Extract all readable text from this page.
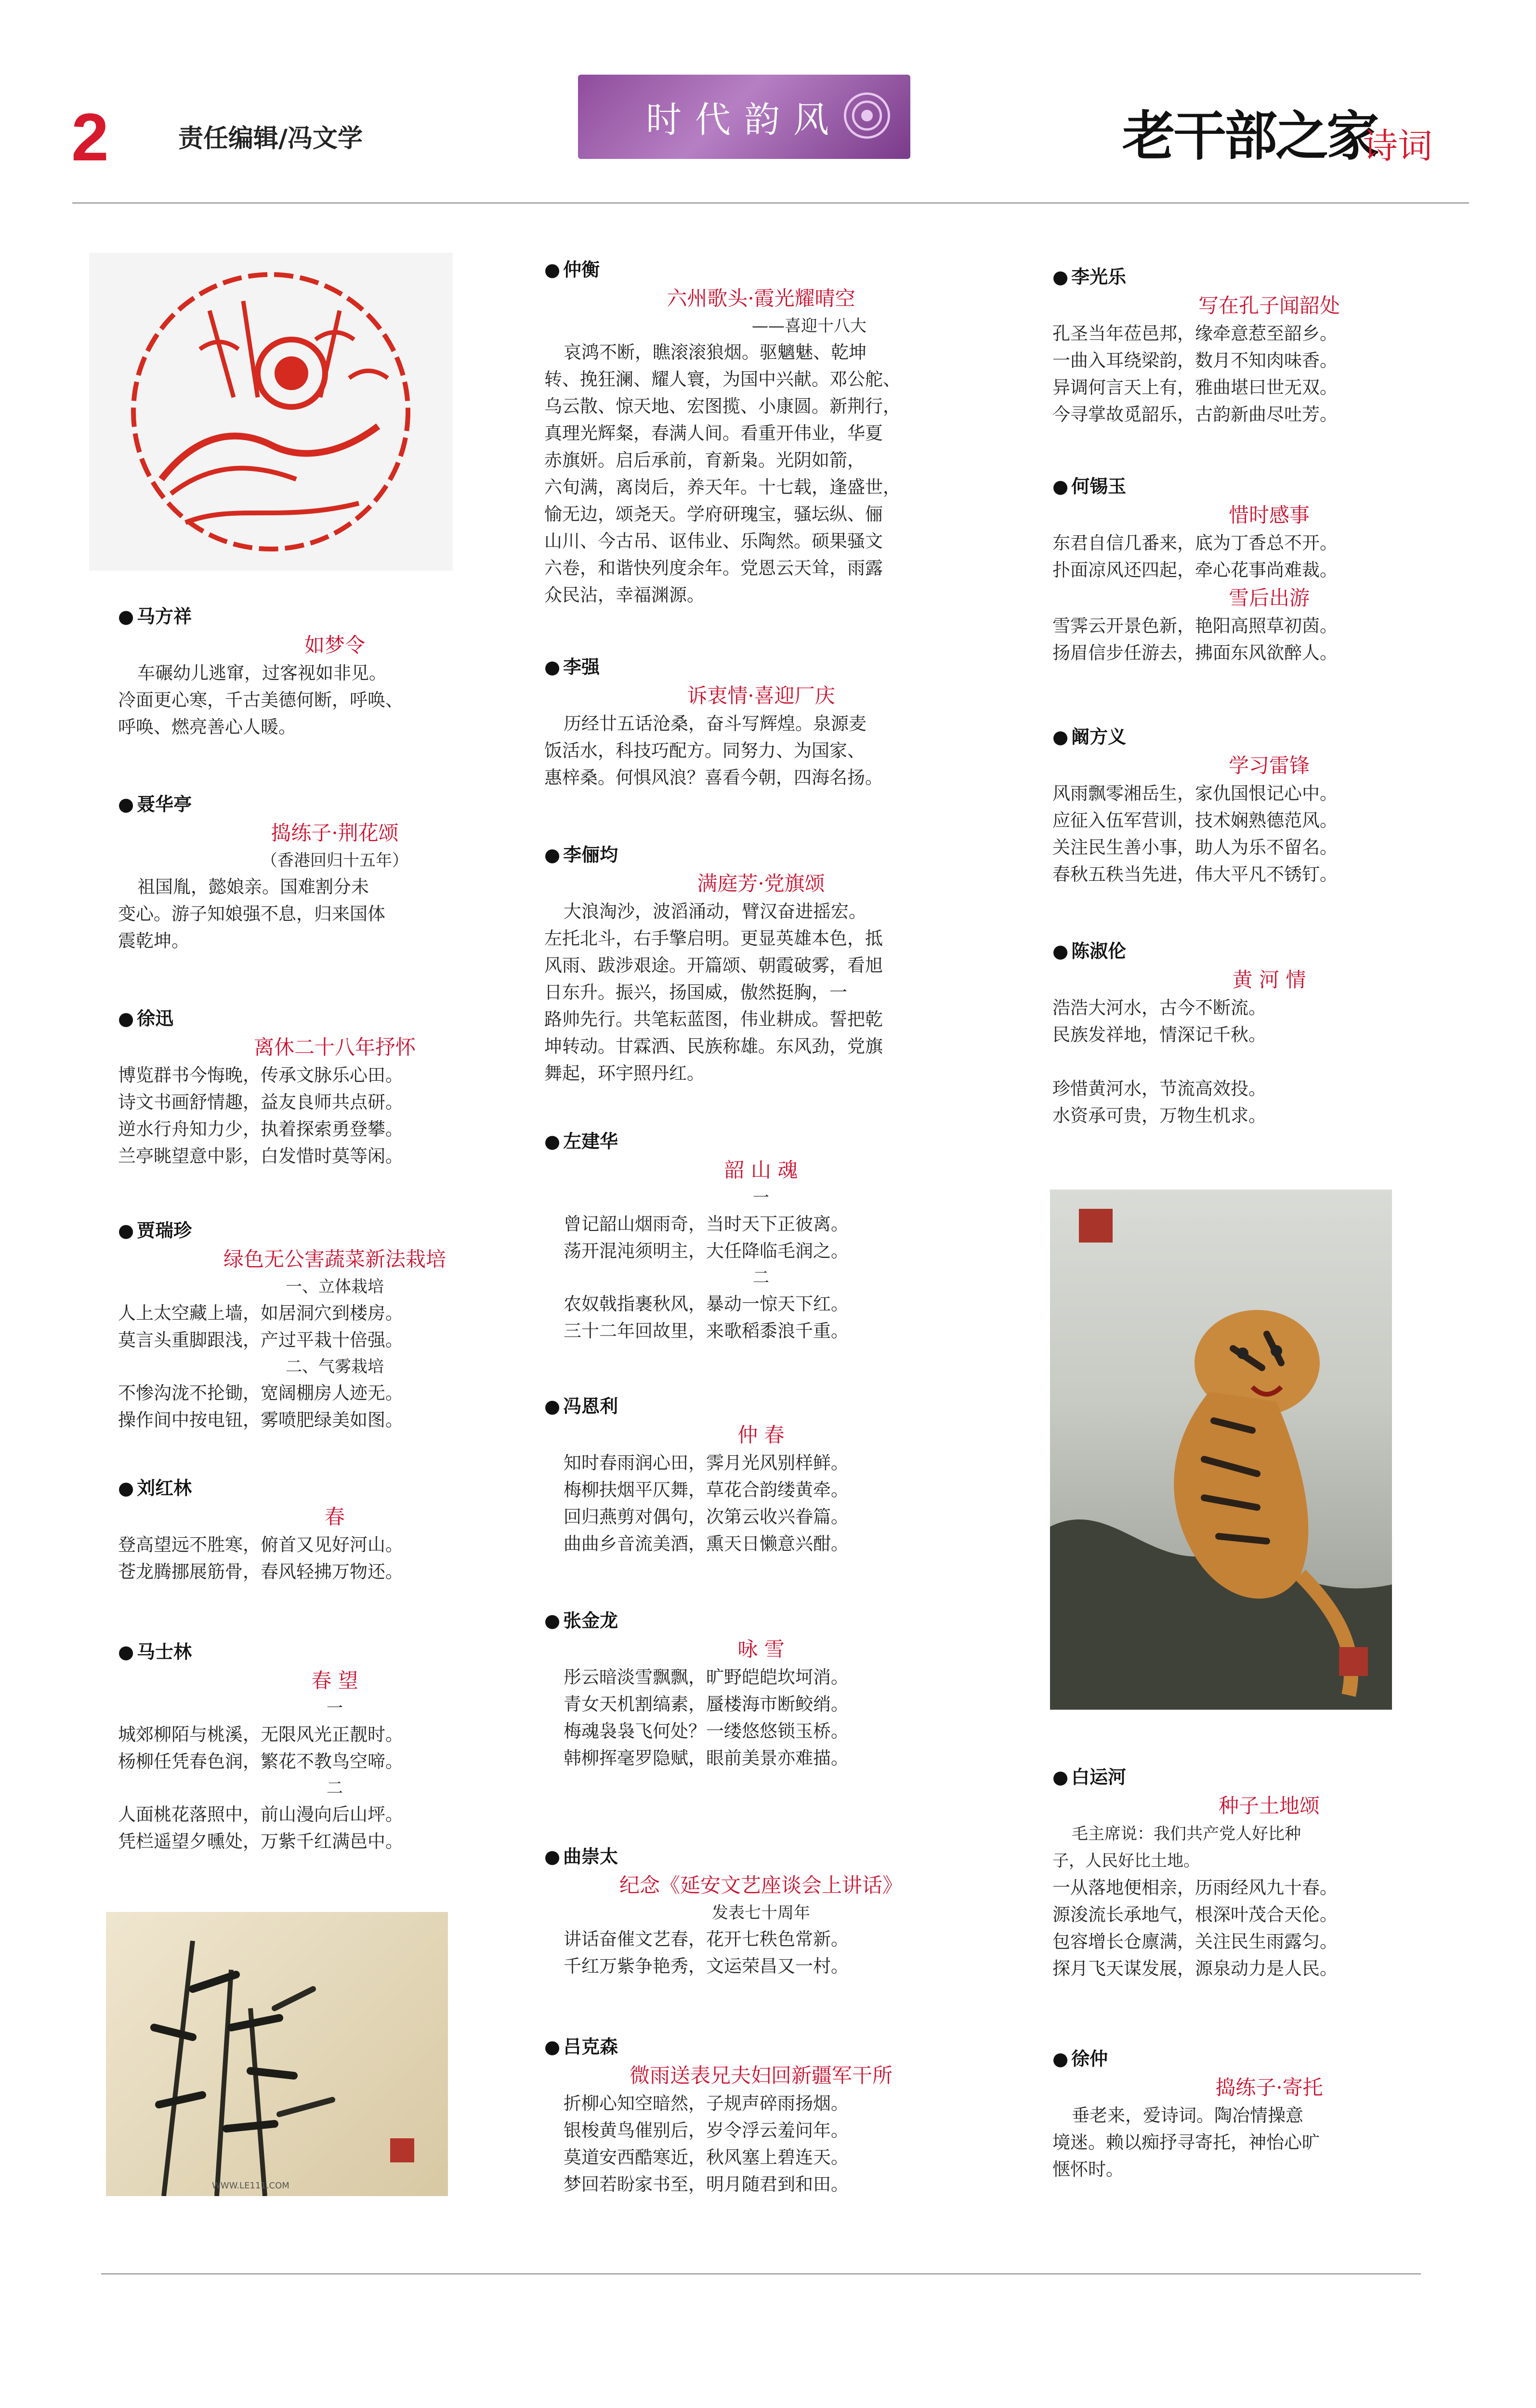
2	责任编辑/冯文学	时代韵风	老干部之家
诗词
WWW.LE111.COM
● 马方祥
如梦令
车碾幼儿逃窜，过客视如非见。
冷面更心寒，千古美德何断，呼唤、
呼唤、燃亮善心人暖。
● 聂华亭
捣练子·荆花颂
（香港回归十五年）
祖国胤，懿娘亲。国难割分未
变心。游子知娘强不息，归来国体
震乾坤。
● 徐迅
离休二十八年抒怀
博览群书今悔晚，传承文脉乐心田。
诗文书画舒情趣，益友良师共点研。
逆水行舟知力少，执着探索勇登攀。
兰亭眺望意中影，白发惜时莫等闲。
● 贾瑞珍
绿色无公害蔬菜新法栽培
一、立体栽培
人上太空藏上墙，如居洞穴到楼房。
莫言头重脚跟浅，产过平栽十倍强。
二、气雾栽培
不惨沟泷不抡锄，宽阔棚房人迹无。
操作间中按电钮，雾喷肥绿美如图。
● 刘红林
春
登高望远不胜寒，俯首又见好河山。
苍龙腾挪展筋骨，春风轻拂万物还。
● 马士林
春 望
一
城郊柳陌与桃溪，无限风光正靓时。
杨柳任凭春色润，繁花不教鸟空啼。
二
人面桃花落照中，前山漫向后山坪。
凭栏遥望夕曛处，万紫千红满邑中。
● 仲衡
六州歌头·霞光耀晴空
——喜迎十八大
哀鸿不断，瞧滚滚狼烟。驱魑魅、乾坤
转、挽狂澜、耀人寰，为国中兴献。邓公舵、
乌云散、惊天地、宏图揽、小康圆。新荆行，
真理光辉粲，春满人间。看重开伟业，华夏
赤旗妍。启后承前，育新枭。光阴如箭，
六旬满，离岗后，养天年。十七载，逢盛世，
愉无边，颂尧天。学府研瑰宝，骚坛纵、俪
山川、今古吊、讴伟业、乐陶然。硕果骚文
六卷，和谐快列度余年。党恩云天耸，雨露
众民沾，幸福渊源。
● 李强
诉衷情·喜迎厂庆
历经廿五话沧桑，奋斗写辉煌。泉源麦
饭活水，科技巧配方。同努力、为国家、
惠梓桑。何惧风浪？喜看今朝，四海名扬。
● 李俪均
满庭芳·党旗颂
大浪淘沙，波滔涌动，臂汉奋进摇宏。
左托北斗，右手擎启明。更显英雄本色，抵
风雨、跋涉艰途。开篇颂、朝霞破雾，看旭
日东升。振兴，扬国威，傲然挺胸，一
路帅先行。共笔耘蓝图，伟业耕成。誓把乾
坤转动。甘霖洒、民族称雄。东风劲，党旗
舞起，环宇照丹红。
● 左建华
韶 山 魂
一
曾记韶山烟雨奇，当时天下正彼离。
荡开混沌须明主，大任降临毛润之。
二
农奴戟指裹秋风，暴动一惊天下红。
三十二年回故里，来歌稻黍浪千重。
● 冯恩利
仲 春
知时春雨润心田，霁月光风别样鲜。
梅柳扶烟平仄舞，草花合韵缕黄牵。
回归燕剪对偶句，次第云收兴眷篇。
曲曲乡音流美酒，熏天日懒意兴酣。
● 张金龙
咏 雪
彤云暗淡雪飘飘，旷野皑皑坎坷消。
青女天机割缟素，蜃楼海市断鲛绡。
梅魂袅袅飞何处？一缕悠悠锁玉桥。
韩柳挥毫罗隐赋，眼前美景亦难描。
● 曲崇太
纪念《延安文艺座谈会上讲话》
发表七十周年
讲话奋催文艺春，花开七秩色常新。
千红万紫争艳秀，文运荣昌又一村。
● 吕克森
微雨送表兄夫妇回新疆军干所
折柳心知空暗然，子规声碎雨扬烟。
银梭黄鸟催别后，岁令浮云羞问年。
莫道安西酷寒近，秋风塞上碧连天。
梦回若盼家书至，明月随君到和田。
● 李光乐
写在孔子闻韶处
孔圣当年莅邑邦，缘牵意惹至韶乡。
一曲入耳绕梁韵，数月不知肉味香。
异调何言天上有，雅曲堪曰世无双。
今寻掌故觅韶乐，古韵新曲尽吐芳。
● 何锡玉
惜时感事
东君自信几番来，底为丁香总不开。
扑面凉风还四起，牵心花事尚难裁。
雪后出游
雪霁云开景色新，艳阳高照草初茵。
扬眉信步任游去，拂面东风欲醉人。
● 阚方义
学习雷锋
风雨飘零湘岳生，家仇国恨记心中。
应征入伍军营训，技术娴熟德范风。
关注民生善小事，助人为乐不留名。
春秋五秩当先进，伟大平凡不锈钉。
● 陈淑伦
黄 河 情
浩浩大河水，古今不断流。
民族发祥地，情深记千秋。
珍惜黄河水，节流高效投。
水资承可贵，万物生机求。
● 白运河
种子土地颂
毛主席说：我们共产党人好比种
子，人民好比土地。
一从落地便相亲，历雨经风九十春。
源浚流长承地气，根深叶茂合天伦。
包容增长仓廪满，关注民生雨露匀。
探月飞天谋发展，源泉动力是人民。
● 徐仲
捣练子·寄托
垂老来，爱诗词。陶冶情操意
境迷。赖以痴抒寻寄托，神怡心旷
惬怀时。
